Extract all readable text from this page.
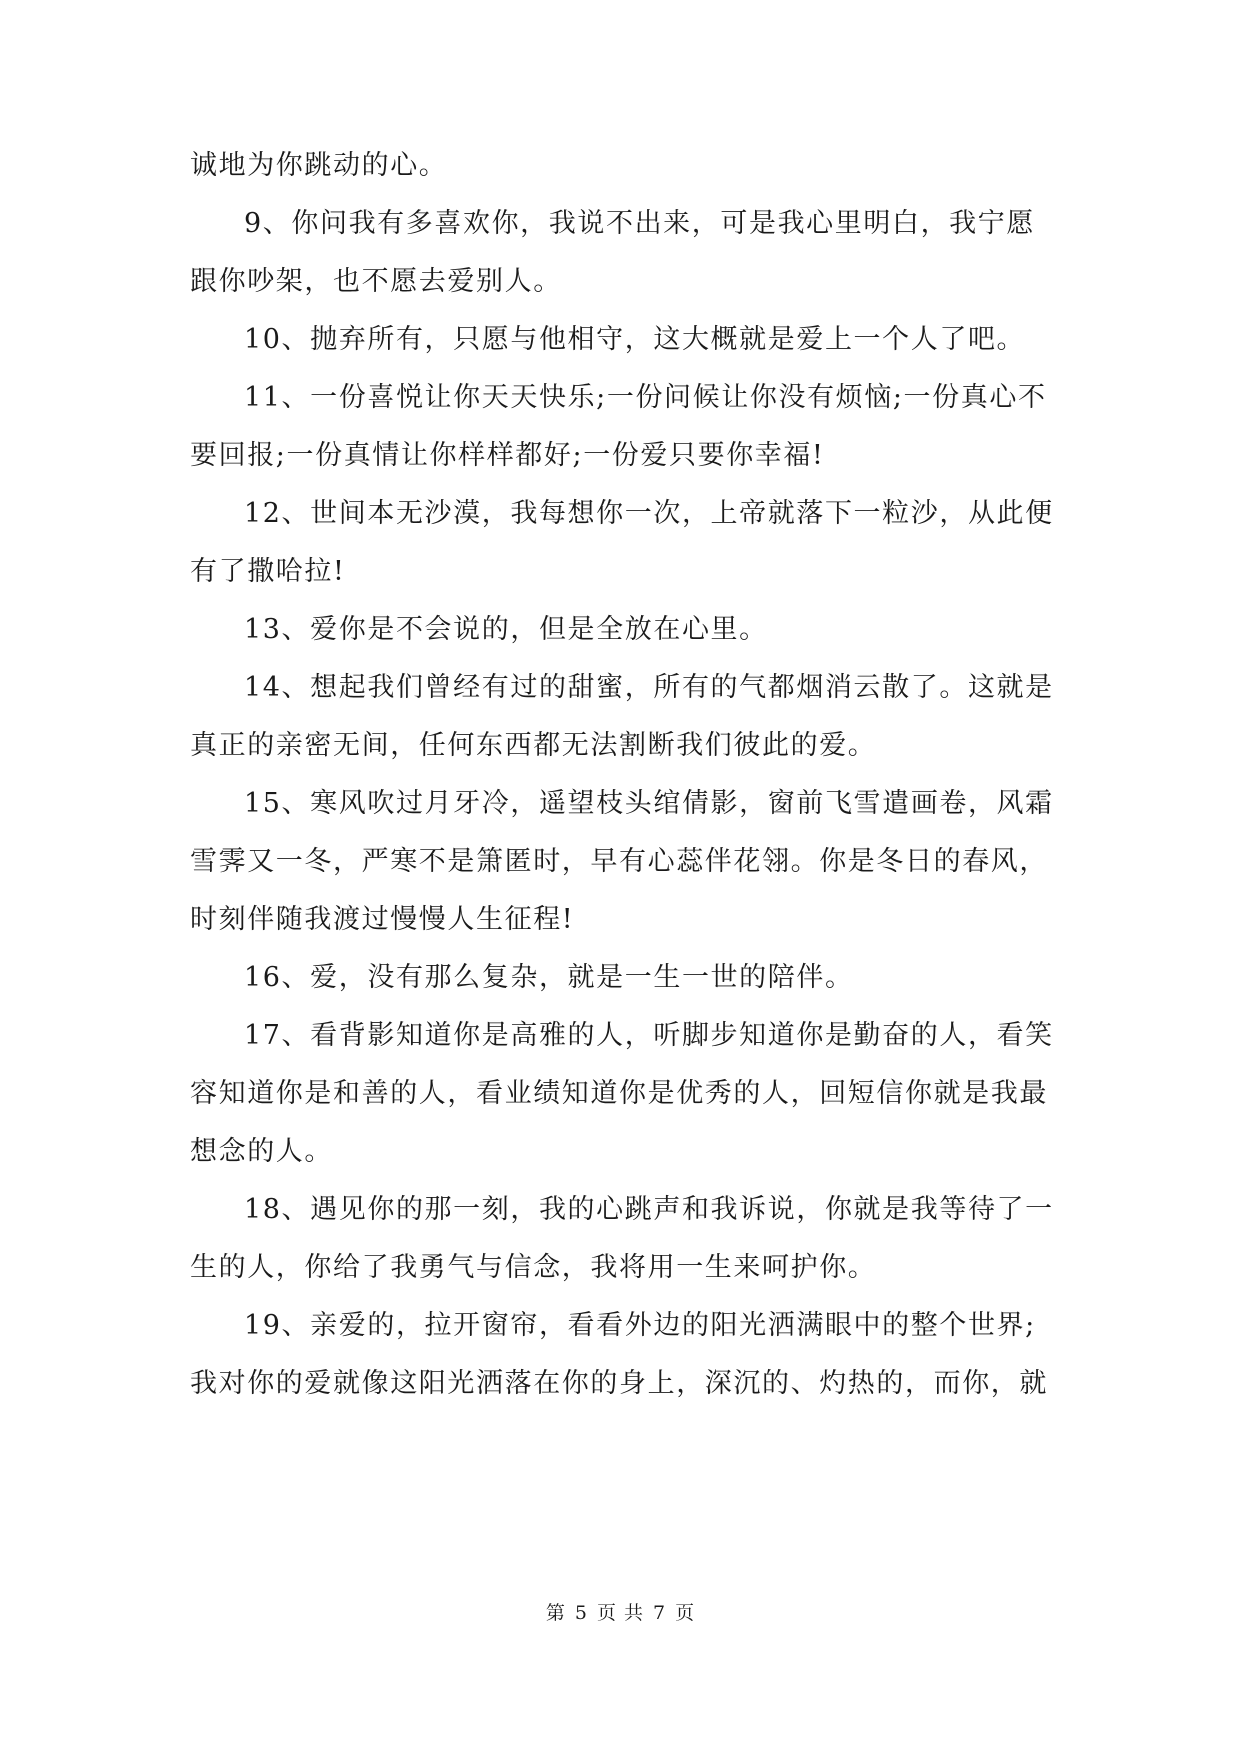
诚地为你跳动的心。
9、你问我有多喜欢你，我说不出来，可是我心里明白，我宁愿
跟你吵架，也不愿去爱别人。
10、抛弃所有，只愿与他相守，这大概就是爱上一个人了吧。
11、一份喜悦让你天天快乐;一份问候让你没有烦恼;一份真心不
要回报;一份真情让你样样都好;一份爱只要你幸福!
12、世间本无沙漠，我每想你一次，上帝就落下一粒沙，从此便
有了撒哈拉!
13、爱你是不会说的，但是全放在心里。
14、想起我们曾经有过的甜蜜，所有的气都烟消云散了。这就是
真正的亲密无间，任何东西都无法割断我们彼此的爱。
15、寒风吹过月牙冷，遥望枝头绾倩影，窗前飞雪遣画卷，风霜
雪霁又一冬，严寒不是箫匿时，早有心蕊伴花翎。你是冬日的春风，
时刻伴随我渡过慢慢人生征程!
16、爱，没有那么复杂，就是一生一世的陪伴。
17、看背影知道你是高雅的人，听脚步知道你是勤奋的人，看笑
容知道你是和善的人，看业绩知道你是优秀的人，回短信你就是我最
想念的人。
18、遇见你的那一刻，我的心跳声和我诉说，你就是我等待了一
生的人，你给了我勇气与信念，我将用一生来呵护你。
19、亲爱的，拉开窗帘，看看外边的阳光洒满眼中的整个世界;
我对你的爱就像这阳光洒落在你的身上，深沉的、灼热的，而你，就
第 5 页 共 7 页
